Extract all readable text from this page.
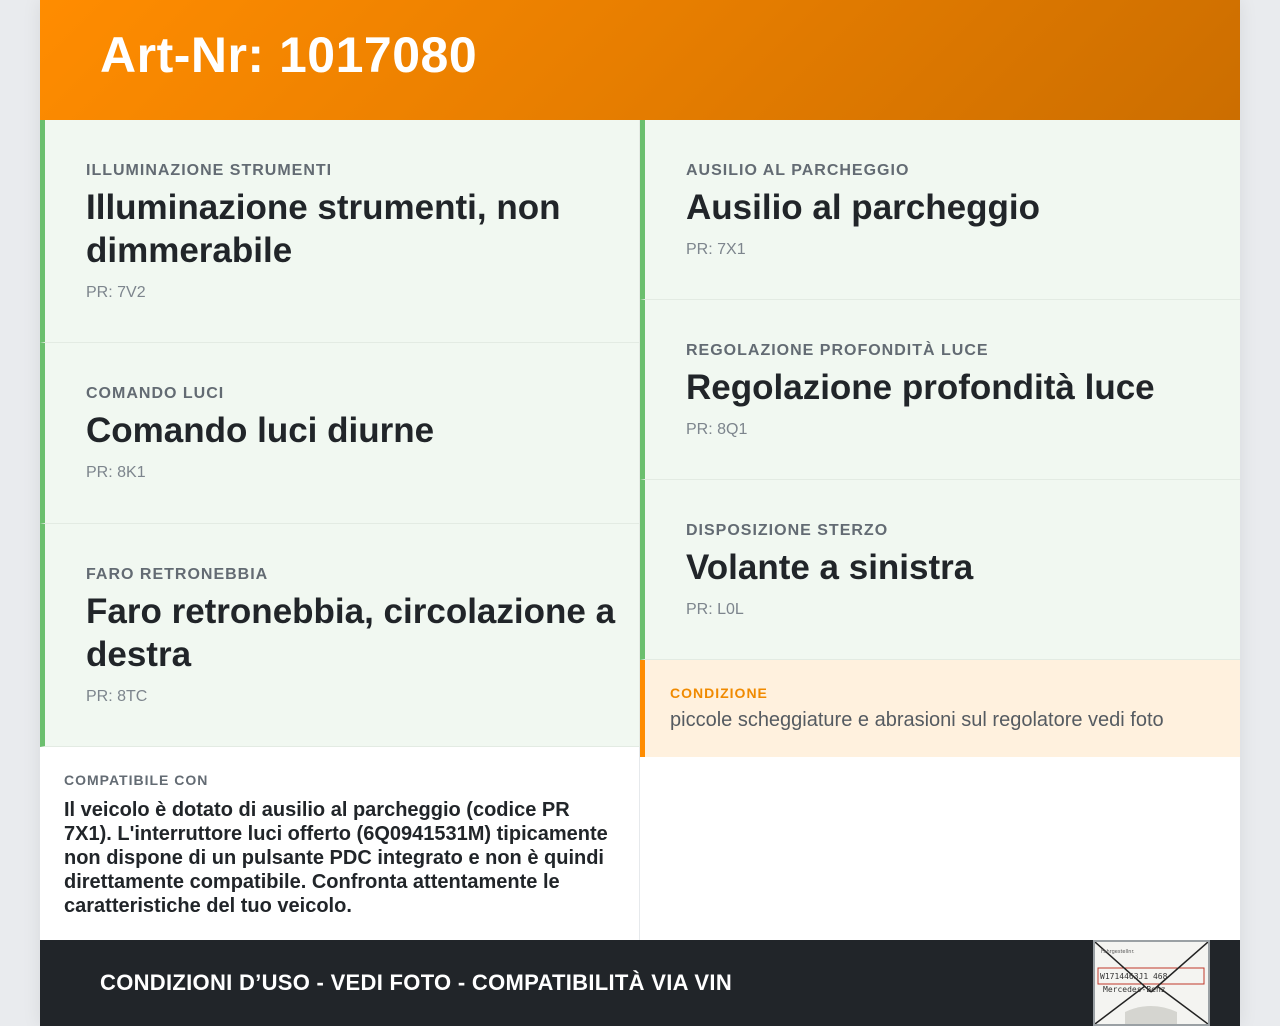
Art-Nr: 1017080
ILLUMINAZIONE STRUMENTI
Illuminazione strumenti, non dimmerabile
PR: 7V2
COMANDO LUCI
Comando luci diurne
PR: 8K1
FARO RETRONEBBIA
Faro retronebbia, circolazione a destra
PR: 8TC
AUSILIO AL PARCHEGGIO
Ausilio al parcheggio
PR: 7X1
REGOLAZIONE PROFONDITÀ LUCE
Regolazione profondità luce
PR: 8Q1
DISPOSIZIONE STERZO
Volante a sinistra
PR: L0L
CONDIZIONE
piccole scheggiature e abrasioni sul regolatore vedi foto
COMPATIBILE CON
Il veicolo è dotato di ausilio al parcheggio (codice PR 7X1). L'interruttore luci offerto (6Q0941531M) tipicamente non dispone di un pulsante PDC integrato e non è quindi direttamente compatibile. Confronta attentamente le caratteristiche del tuo veicolo.
CONDIZIONI D’USO - VEDI FOTO - COMPATIBILITÀ VIA VIN
Fahrgestellnr.
W1714463J1 468
Mercedes-Benz
